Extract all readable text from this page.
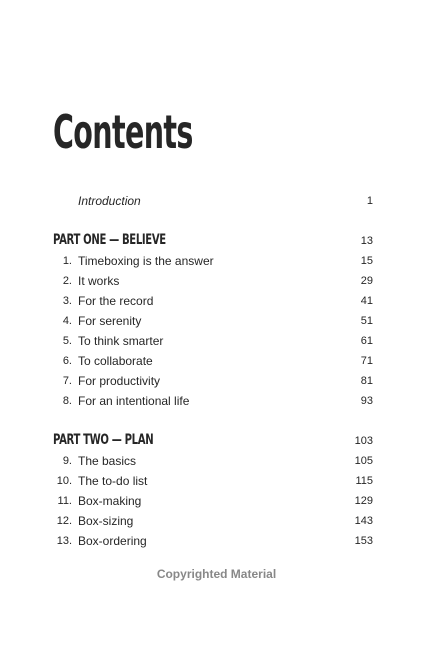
Contents
Introduction	1
PART ONE — BELIEVE	13
1. Timeboxing is the answer	15
2. It works	29
3. For the record	41
4. For serenity	51
5. To think smarter	61
6. To collaborate	71
7. For productivity	81
8. For an intentional life	93
PART TWO — PLAN	103
9. The basics	105
10. The to-do list	115
11. Box-making	129
12. Box-sizing	143
13. Box-ordering	153
Copyrighted Material
